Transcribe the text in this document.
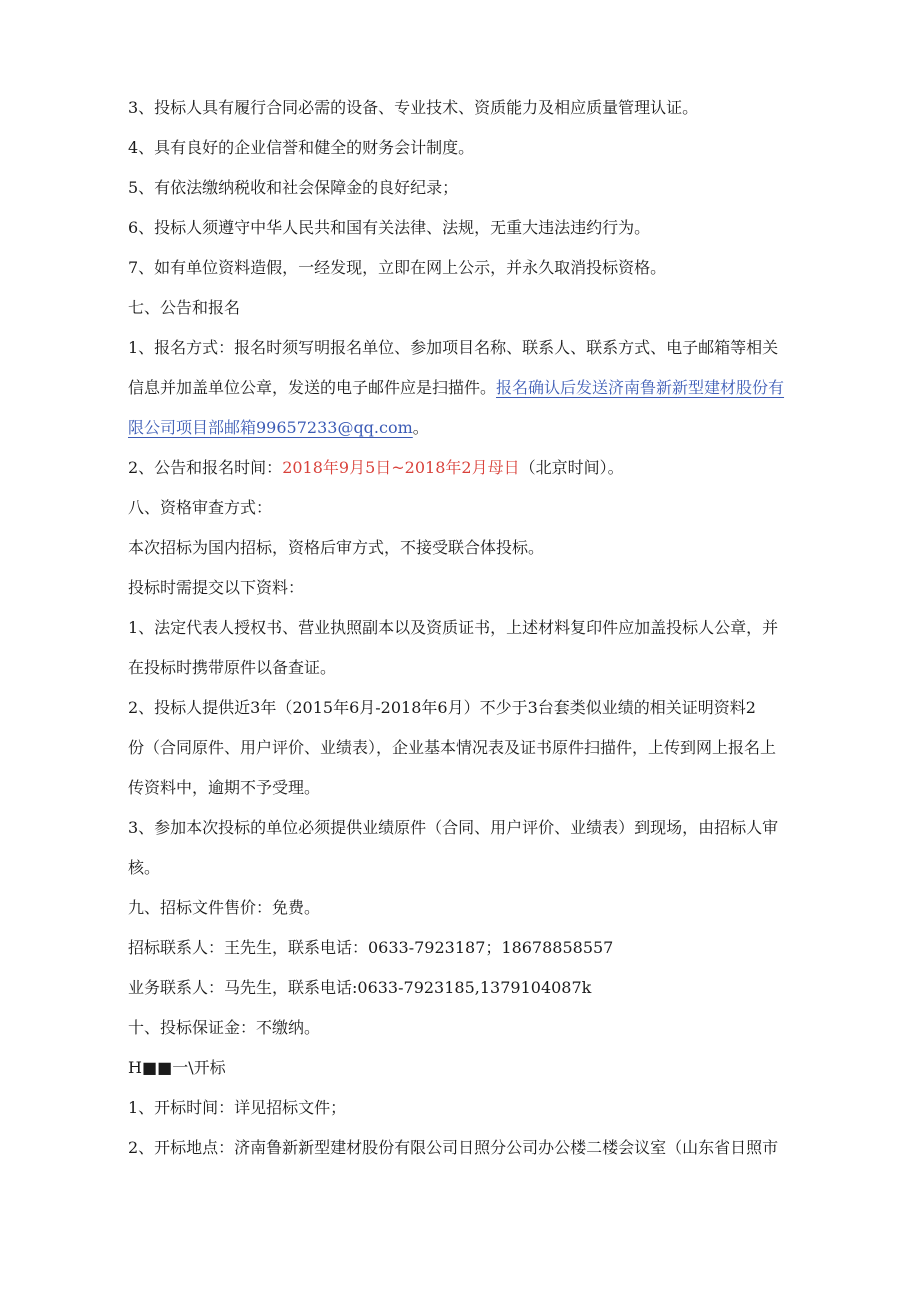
3、投标人具有履行合同必需的设备、专业技术、资质能力及相应质量管理认证。

4、具有良好的企业信誉和健全的财务会计制度。

5、有依法缴纳税收和社会保障金的良好纪录；

6、投标人须遵守中华人民共和国有关法律、法规，无重大违法违约行为。

7、如有单位资料造假，一经发现，立即在网上公示，并永久取消投标资格。

七、公告和报名

1、报名方式：报名时须写明报名单位、参加项目名称、联系人、联系方式、电子邮箱等相关

信息并加盖单位公章，发送的电子邮件应是扫描件。报名确认后发送济南鲁新新型建材股份有

限公司项目部邮箱99657233@qq.com。

2、公告和报名时间：2018年9月5日~2018年2月母日（北京时间）。

八、资格审查方式：

本次招标为国内招标，资格后审方式，不接受联合体投标。

投标时需提交以下资料：

1、法定代表人授权书、营业执照副本以及资质证书，上述材料复印件应加盖投标人公章，并

在投标时携带原件以备查证。

2、投标人提供近3年（2015年6月-2018年6月）不少于3台套类似业绩的相关证明资料2

份（合同原件、用户评价、业绩表），企业基本情况表及证书原件扫描件，上传到网上报名上

传资料中，逾期不予受理。

3、参加本次投标的单位必须提供业绩原件（合同、用户评价、业绩表）到现场，由招标人审

核。

九、招标文件售价：免费。

招标联系人：王先生，联系电话：0633-7923187；18678858557

业务联系人：马先生，联系电话:0633-7923185,1379104087k

十、投标保证金：不缴纳。

H■■一\开标

1、开标时间：详见招标文件；

2、开标地点：济南鲁新新型建材股份有限公司日照分公司办公楼二楼会议室（山东省日照市
